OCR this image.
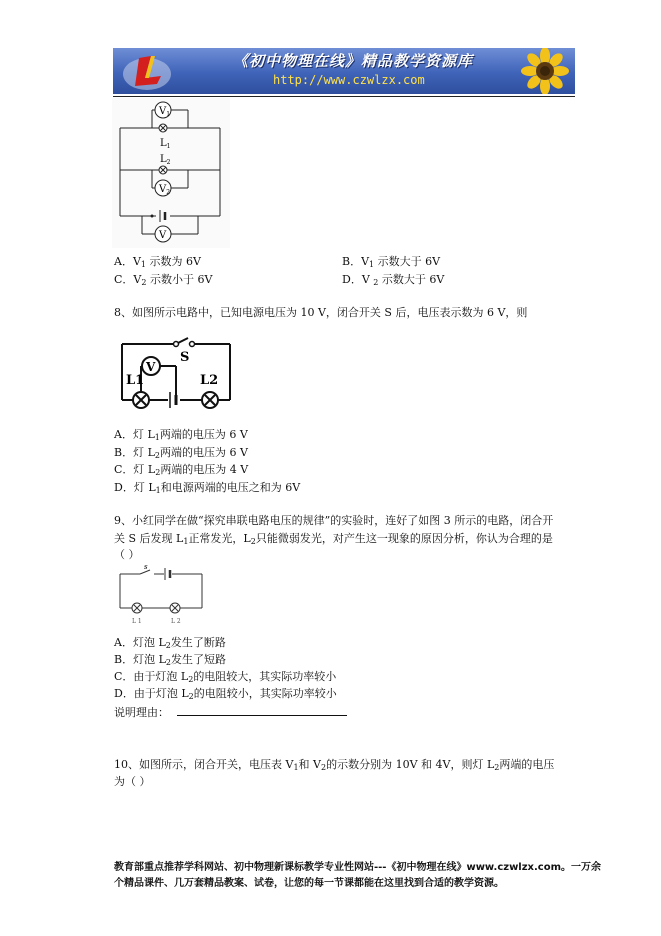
《初中物理在线》精品教学资源库
http://www.czwlzx.com
$V_1$
$L_1$
$L_2$
$V_2$
V
A．$V_1$ 示数为 6V	B．$V_1$ 示数大于 6V
C．$V_2$ 示数小于 6V	D．V $_2$ 示数大于 6V
8、如图所示电路中，已知电源电压为 10 V，闭合开关 S 后，电压表示数为 6 V，则
S
V
L1	L2
A．灯 $L_1$两端的电压为 6 V
B．灯 $L_2$两端的电压为 6 V
C．灯 $L_2$两端的电压为 4 V
D．灯 $L_1$和电源两端的电压之和为 6V
9、小红同学在做“探究串联电路电压的规律”的实验时，连好了如图 3 所示的电路，闭合开
关 S 后发现 $L_1$正常发光，$L_2$只能微弱发光，对产生这一现象的原因分析，你认为合理的是
（ ）
s
L 1	L 2
A．灯泡 $L_2$发生了断路
B．灯泡 $L_2$发生了短路
C．由于灯泡 $L_2$的电阻较大，其实际功率较小
D．由于灯泡 $L_2$的电阻较小，其实际功率较小
说明理由：
10、如图所示，闭合开关，电压表 $V_1$和 $V_2$的示数分别为 10V 和 4V，则灯 $L_2$两端的电压
为（ ）
教育部重点推荐学科网站、初中物理新课标教学专业性网站---《初中物理在线》www.czwlzx.com。一万余
个精品课件、几万套精品教案、试卷，让您的每一节课都能在这里找到合适的教学资源。
